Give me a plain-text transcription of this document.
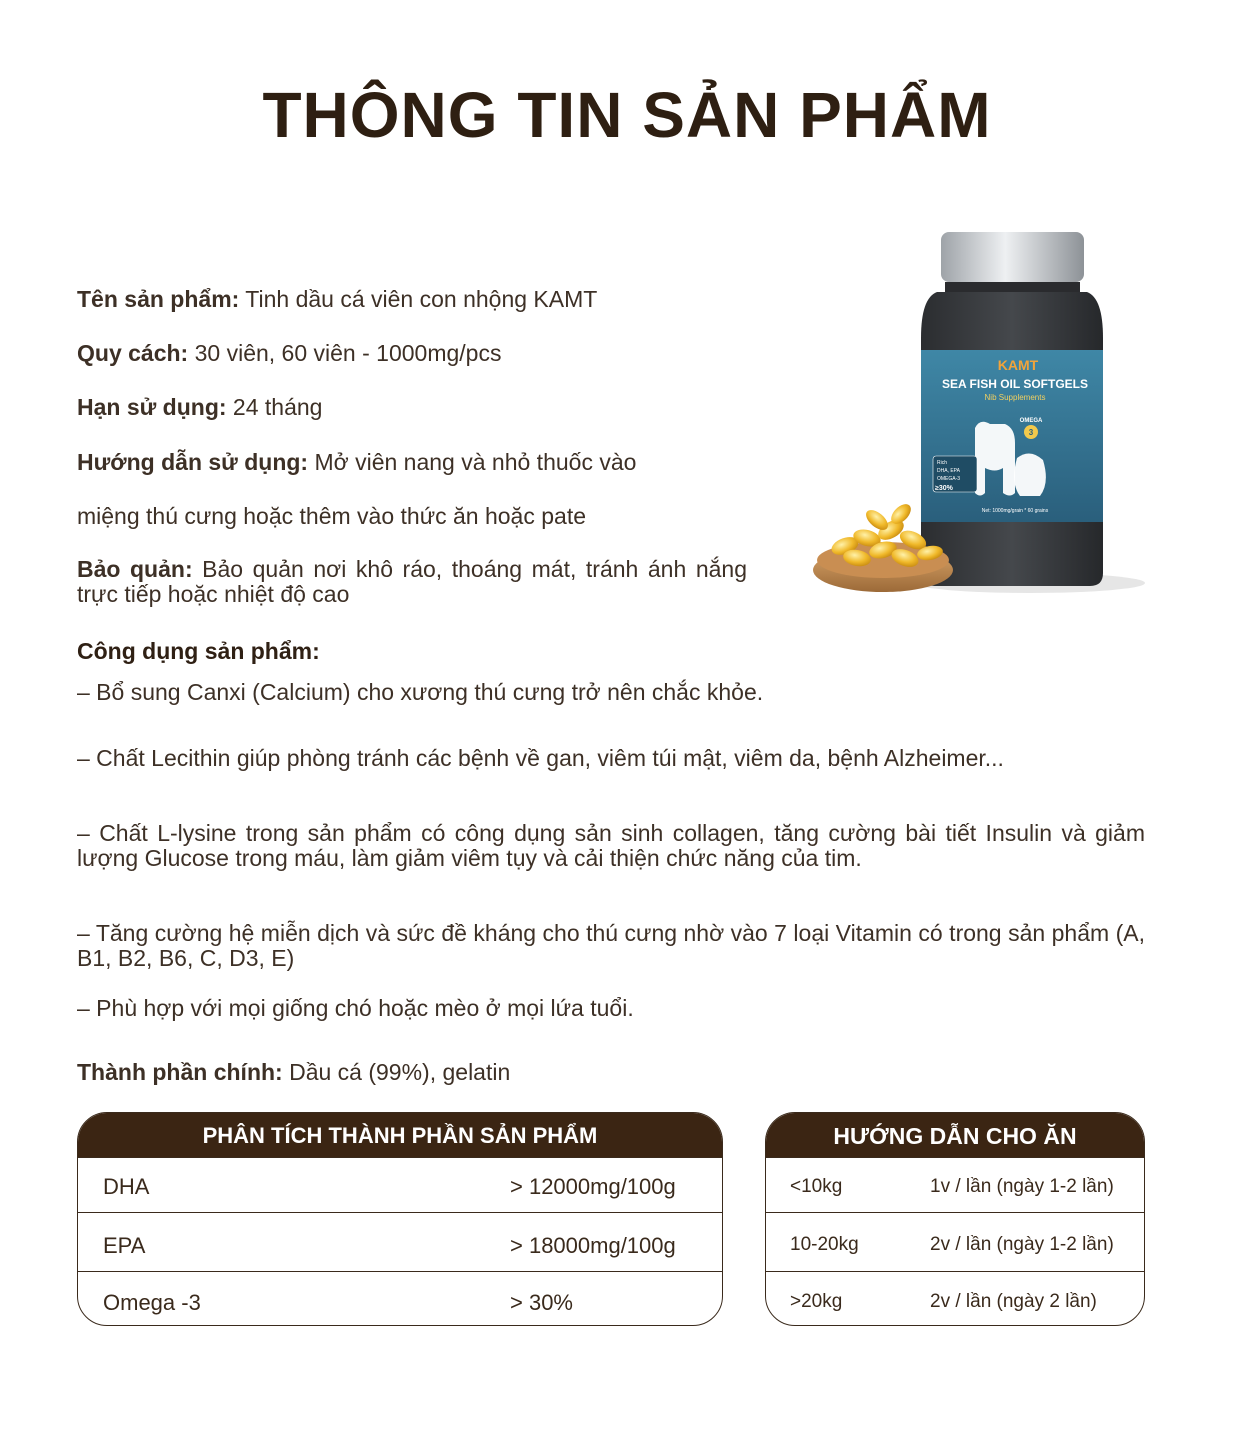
THÔNG TIN SẢN PHẨM
Tên sản phẩm: Tinh dầu cá viên con nhộng KAMT
Quy cách: 30 viên, 60 viên - 1000mg/pcs
Hạn sử dụng: 24 tháng
Hướng dẫn sử dụng: Mở viên nang và nhỏ thuốc vào
miệng thú cưng hoặc thêm vào thức ăn hoặc pate
Bảo quản: Bảo quản nơi khô ráo, thoáng mát, tránh ánh nắng trực tiếp hoặc nhiệt độ cao
KAMT
SEA FISH OIL SOFTGELS
Nib Supplements
OMEGA
3
Rich
DHA, EPA
OMEGA-3
≥30%
Net: 1000mg/grain * 60 grains
Công dụng sản phẩm:
– Bổ sung Canxi (Calcium) cho xương thú cưng trở nên chắc khỏe.
– Chất Lecithin giúp phòng tránh các bệnh về gan, viêm túi mật, viêm da, bệnh Alzheimer...
– Chất L-lysine trong sản phẩm có công dụng sản sinh collagen, tăng cường bài tiết Insulin và giảm lượng Glucose trong máu, làm giảm viêm tụy và cải thiện chức năng của tim.
– Tăng cường hệ miễn dịch và sức đề kháng cho thú cưng nhờ vào 7 loại Vitamin có trong sản phẩm (A, B1, B2, B6, C, D3, E)
– Phù hợp với mọi giống chó hoặc mèo ở mọi lứa tuổi.
Thành phần chính: Dầu cá (99%), gelatin
PHÂN TÍCH THÀNH PHẦN SẢN PHẨM
DHA	> 12000mg/100g
EPA	> 18000mg/100g
Omega -3	> 30%
HƯỚNG DẪN CHO ĂN
<10kg	1v / lần (ngày 1-2 lần)
10-20kg	2v / lần (ngày 1-2 lần)
>20kg	2v / lần (ngày 2 lần)
